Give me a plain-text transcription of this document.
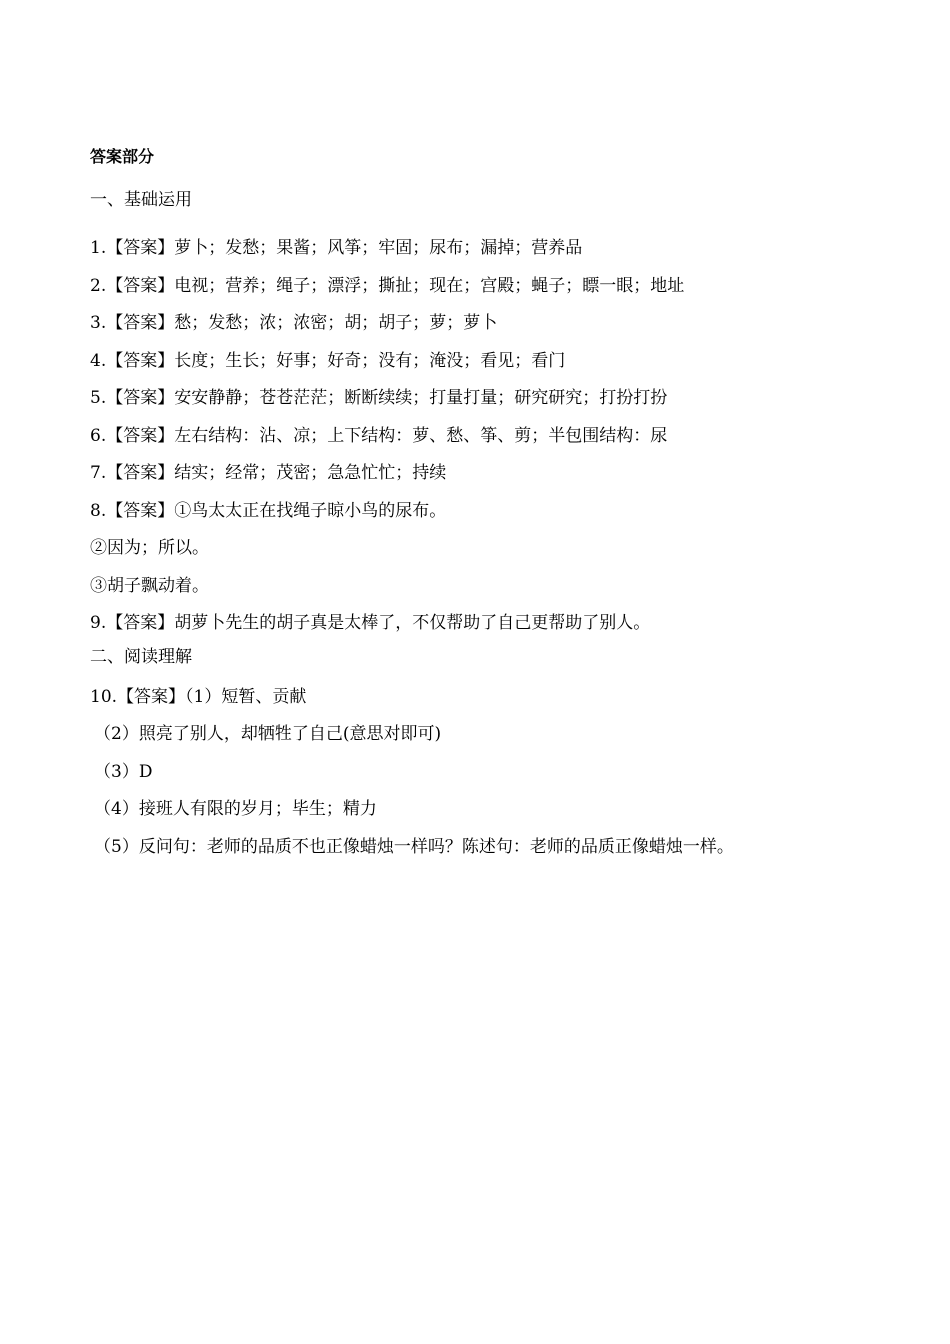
答案部分
一、基础运用
1.【答案】萝卜；发愁；果酱；风筝；牢固；尿布；漏掉；营养品
2.【答案】电视；营养；绳子；漂浮；撕扯；现在；宫殿；蝇子；瞟一眼；地址
3.【答案】愁；发愁；浓；浓密；胡；胡子；萝；萝卜
4.【答案】长度；生长；好事；好奇；没有；淹没；看见；看门
5.【答案】安安静静；苍苍茫茫；断断续续；打量打量；研究研究；打扮打扮
6.【答案】左右结构：沾、凉；上下结构：萝、愁、筝、剪；半包围结构：尿
7.【答案】结实；经常；茂密；急急忙忙；持续
8.【答案】①鸟太太正在找绳子晾小鸟的尿布。
②因为；所以。
③胡子飘动着。
9.【答案】胡萝卜先生的胡子真是太棒了，不仅帮助了自己更帮助了别人。
二、阅读理解
10.【答案】（1）短暂、贡献
（2）照亮了别人，却牺牲了自己(意思对即可)
（3）D
（4）接班人有限的岁月；毕生；精力
（5）反问句：老师的品质不也正像蜡烛一样吗？陈述句：老师的品质正像蜡烛一样。
